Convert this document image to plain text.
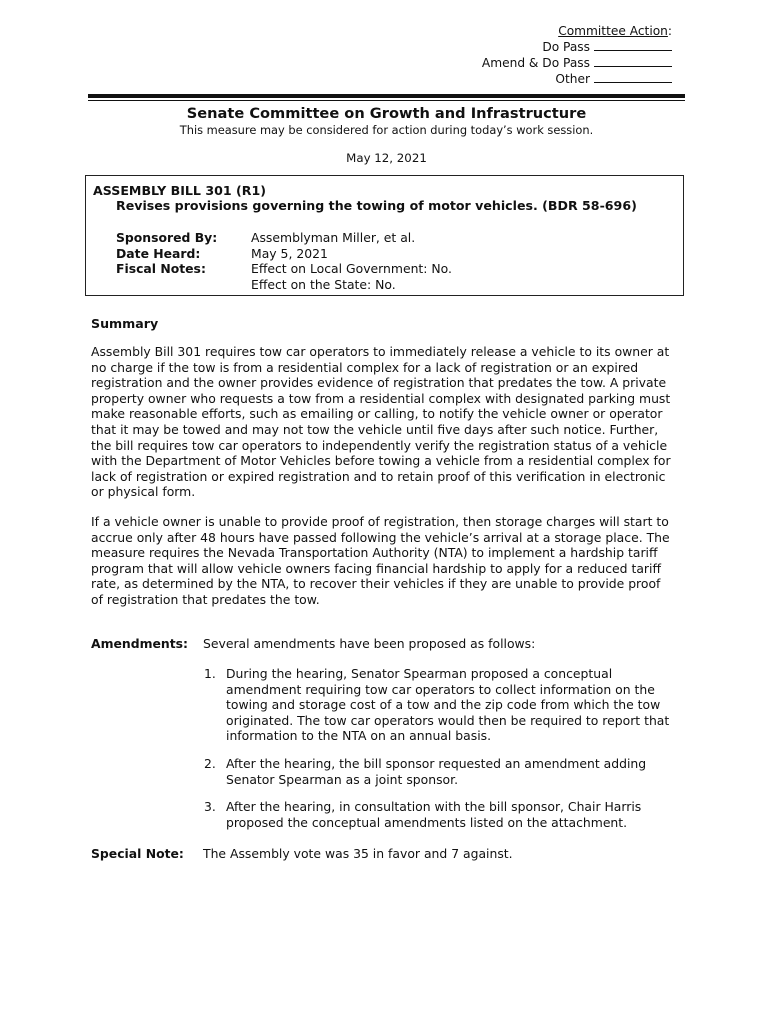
Committee Action:
Do Pass
Amend & Do Pass
Other
Senate Committee on Growth and Infrastructure
This measure may be considered for action during today’s work session.
May 12, 2021
ASSEMBLY BILL 301 (R1)
Revises provisions governing the towing of motor vehicles. (BDR 58-696)
Sponsored By:	Assemblyman Miller, et al.
Date Heard:	May 5, 2021
Fiscal Notes:	Effect on Local Government: No.
Effect on the State: No.
Summary

Assembly Bill 301 requires tow car operators to immediately release a vehicle to its owner at no charge if the tow is from a residential complex for a lack of registration or an expired registration and the owner provides evidence of registration that predates the tow. A private property owner who requests a tow from a residential complex with designated parking must make reasonable efforts, such as emailing or calling, to notify the vehicle owner or operator that it may be towed and may not tow the vehicle until five days after such notice. Further, the bill requires tow car operators to independently verify the registration status of a vehicle with the Department of Motor Vehicles before towing a vehicle from a residential complex for lack of registration or expired registration and to retain proof of this verification in electronic or physical form.

If a vehicle owner is unable to provide proof of registration, then storage charges will start to accrue only after 48 hours have passed following the vehicle’s arrival at a storage place. The measure requires the Nevada Transportation Authority (NTA) to implement a hardship tariff program that will allow vehicle owners facing financial hardship to apply for a reduced tariff rate, as determined by the NTA, to recover their vehicles if they are unable to provide proof of registration that predates the tow.

Amendments:	Several amendments have been proposed as follows:
1. During the hearing, Senator Spearman proposed a conceptual amendment requiring tow car operators to collect information on the towing and storage cost of a tow and the zip code from which the tow originated. The tow car operators would then be required to report that information to the NTA on an annual basis.
2. After the hearing, the bill sponsor requested an amendment adding Senator Spearman as a joint sponsor.
3. After the hearing, in consultation with the bill sponsor, Chair Harris proposed the conceptual amendments listed on the attachment.
Special Note:	The Assembly vote was 35 in favor and 7 against.
